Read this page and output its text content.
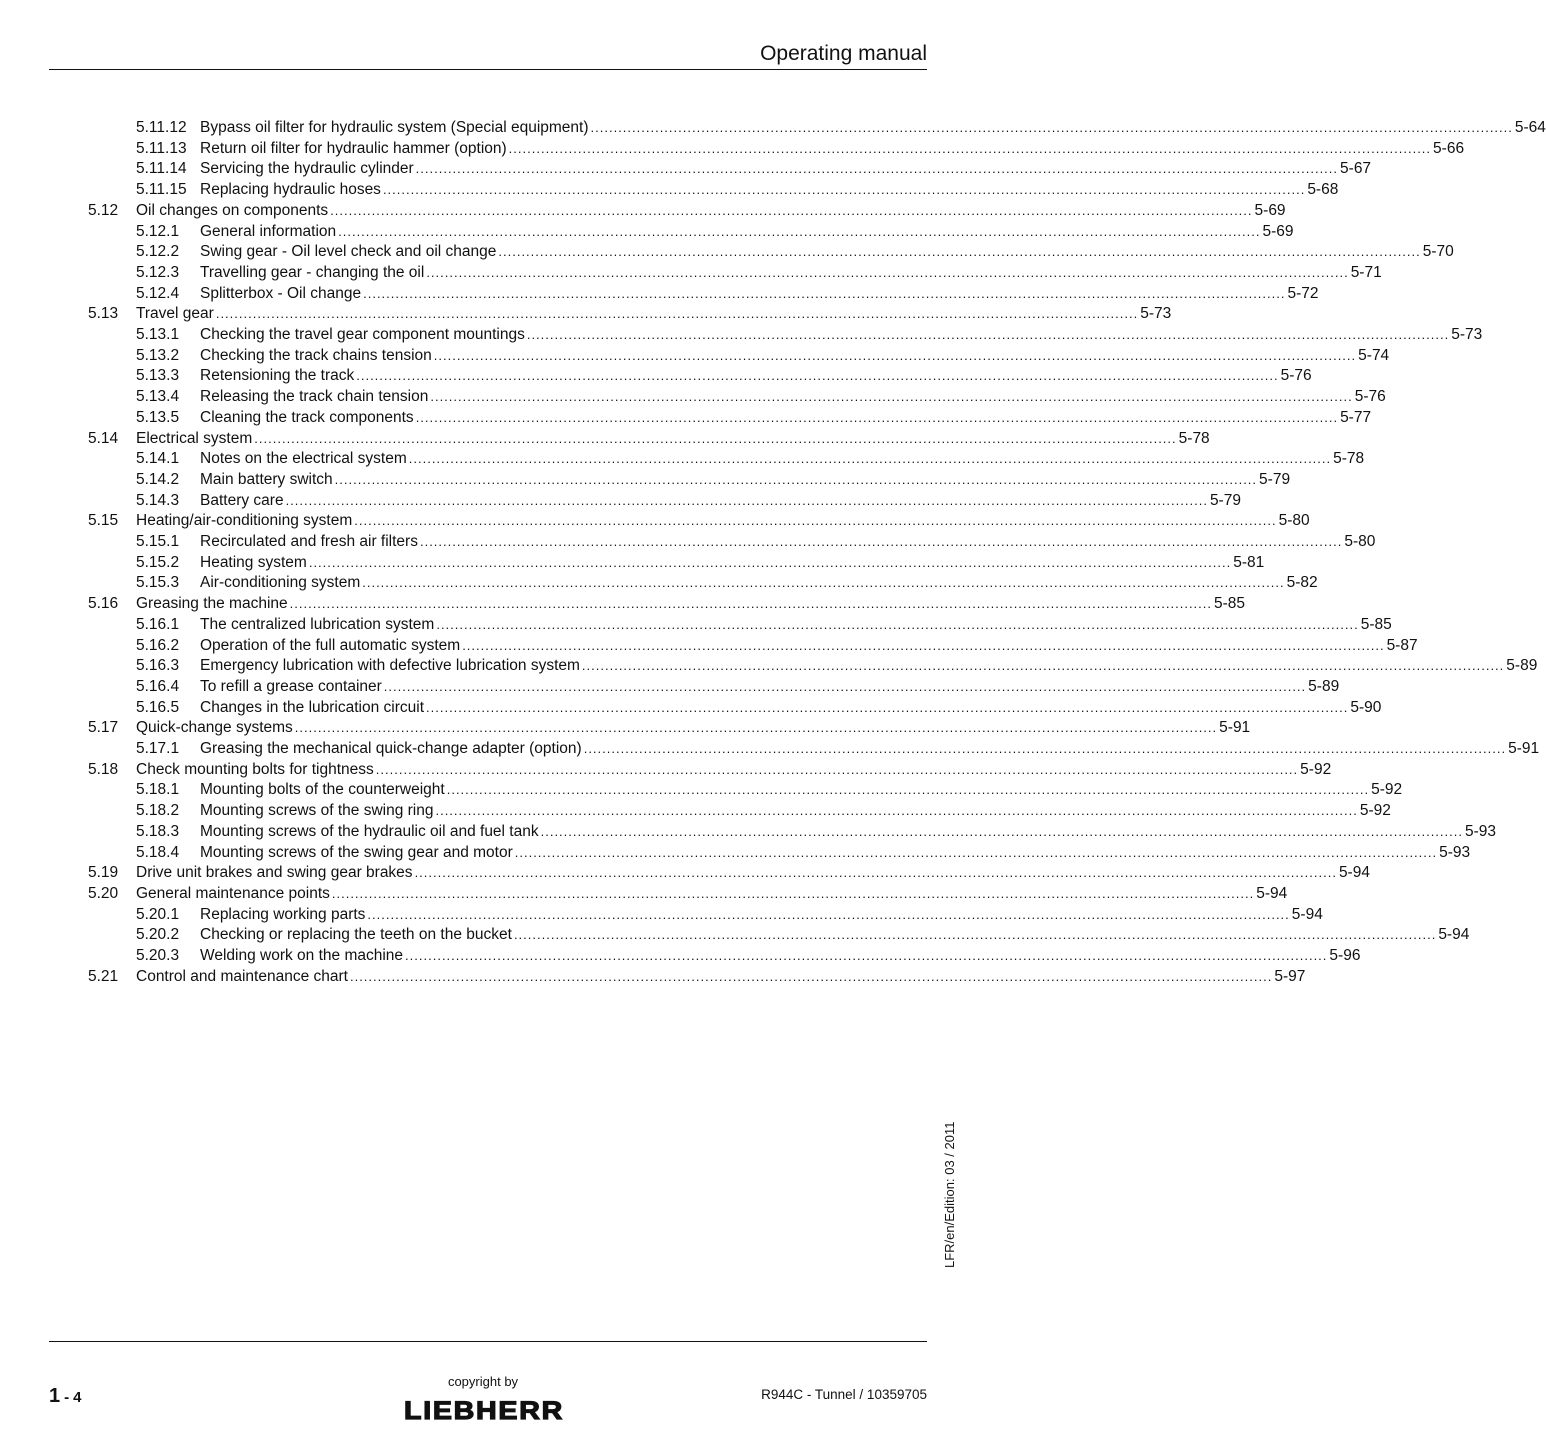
Operating manual
5.11.12 Bypass oil filter for hydraulic system (Special equipment) ........................................................................................................................................................................................................ 5-64
5.11.13 Return oil filter for hydraulic hammer (option) ........................................................................................................................................................................................................ 5-66
5.11.14 Servicing the hydraulic cylinder ........................................................................................................................................................................................................ 5-67
5.11.15 Replacing hydraulic hoses ........................................................................................................................................................................................................ 5-68
5.12 Oil changes on components ........................................................................................................................................................................................................ 5-69
5.12.1 General information ........................................................................................................................................................................................................ 5-69
5.12.2 Swing gear - Oil level check and oil change ........................................................................................................................................................................................................ 5-70
5.12.3 Travelling gear - changing the oil ........................................................................................................................................................................................................ 5-71
5.12.4 Splitterbox - Oil change ........................................................................................................................................................................................................ 5-72
5.13 Travel gear ........................................................................................................................................................................................................ 5-73
5.13.1 Checking the travel gear component mountings ........................................................................................................................................................................................................ 5-73
5.13.2 Checking the track chains tension ........................................................................................................................................................................................................ 5-74
5.13.3 Retensioning the track ........................................................................................................................................................................................................ 5-76
5.13.4 Releasing the track chain tension ........................................................................................................................................................................................................ 5-76
5.13.5 Cleaning the track components ........................................................................................................................................................................................................ 5-77
5.14 Electrical system ........................................................................................................................................................................................................ 5-78
5.14.1 Notes on the electrical system ........................................................................................................................................................................................................ 5-78
5.14.2 Main battery switch ........................................................................................................................................................................................................ 5-79
5.14.3 Battery care ........................................................................................................................................................................................................ 5-79
5.15 Heating/air-conditioning system ........................................................................................................................................................................................................ 5-80
5.15.1 Recirculated and fresh air filters ........................................................................................................................................................................................................ 5-80
5.15.2 Heating system ........................................................................................................................................................................................................ 5-81
5.15.3 Air-conditioning system ........................................................................................................................................................................................................ 5-82
5.16 Greasing the machine ........................................................................................................................................................................................................ 5-85
5.16.1 The centralized lubrication system ........................................................................................................................................................................................................ 5-85
5.16.2 Operation of the full automatic system ........................................................................................................................................................................................................ 5-87
5.16.3 Emergency lubrication with defective lubrication system ........................................................................................................................................................................................................ 5-89
5.16.4 To refill a grease container ........................................................................................................................................................................................................ 5-89
5.16.5 Changes in the lubrication circuit ........................................................................................................................................................................................................ 5-90
5.17 Quick-change systems ........................................................................................................................................................................................................ 5-91
5.17.1 Greasing the mechanical quick-change adapter (option) ........................................................................................................................................................................................................ 5-91
5.18 Check mounting bolts for tightness ........................................................................................................................................................................................................ 5-92
5.18.1 Mounting bolts of the counterweight ........................................................................................................................................................................................................ 5-92
5.18.2 Mounting screws of the swing ring ........................................................................................................................................................................................................ 5-92
5.18.3 Mounting screws of the hydraulic oil and fuel tank ........................................................................................................................................................................................................ 5-93
5.18.4 Mounting screws of the swing gear and motor ........................................................................................................................................................................................................ 5-93
5.19 Drive unit brakes and swing gear brakes ........................................................................................................................................................................................................ 5-94
5.20 General maintenance points ........................................................................................................................................................................................................ 5-94
5.20.1 Replacing working parts ........................................................................................................................................................................................................ 5-94
5.20.2 Checking or replacing the teeth on the bucket ........................................................................................................................................................................................................ 5-94
5.20.3 Welding work on the machine ........................................................................................................................................................................................................ 5-96
5.21 Control and maintenance chart ........................................................................................................................................................................................................ 5-97
LFR/en/Edition: 03 / 2011
1 - 4
copyright by
LIEBHERR
R944C - Tunnel / 10359705
